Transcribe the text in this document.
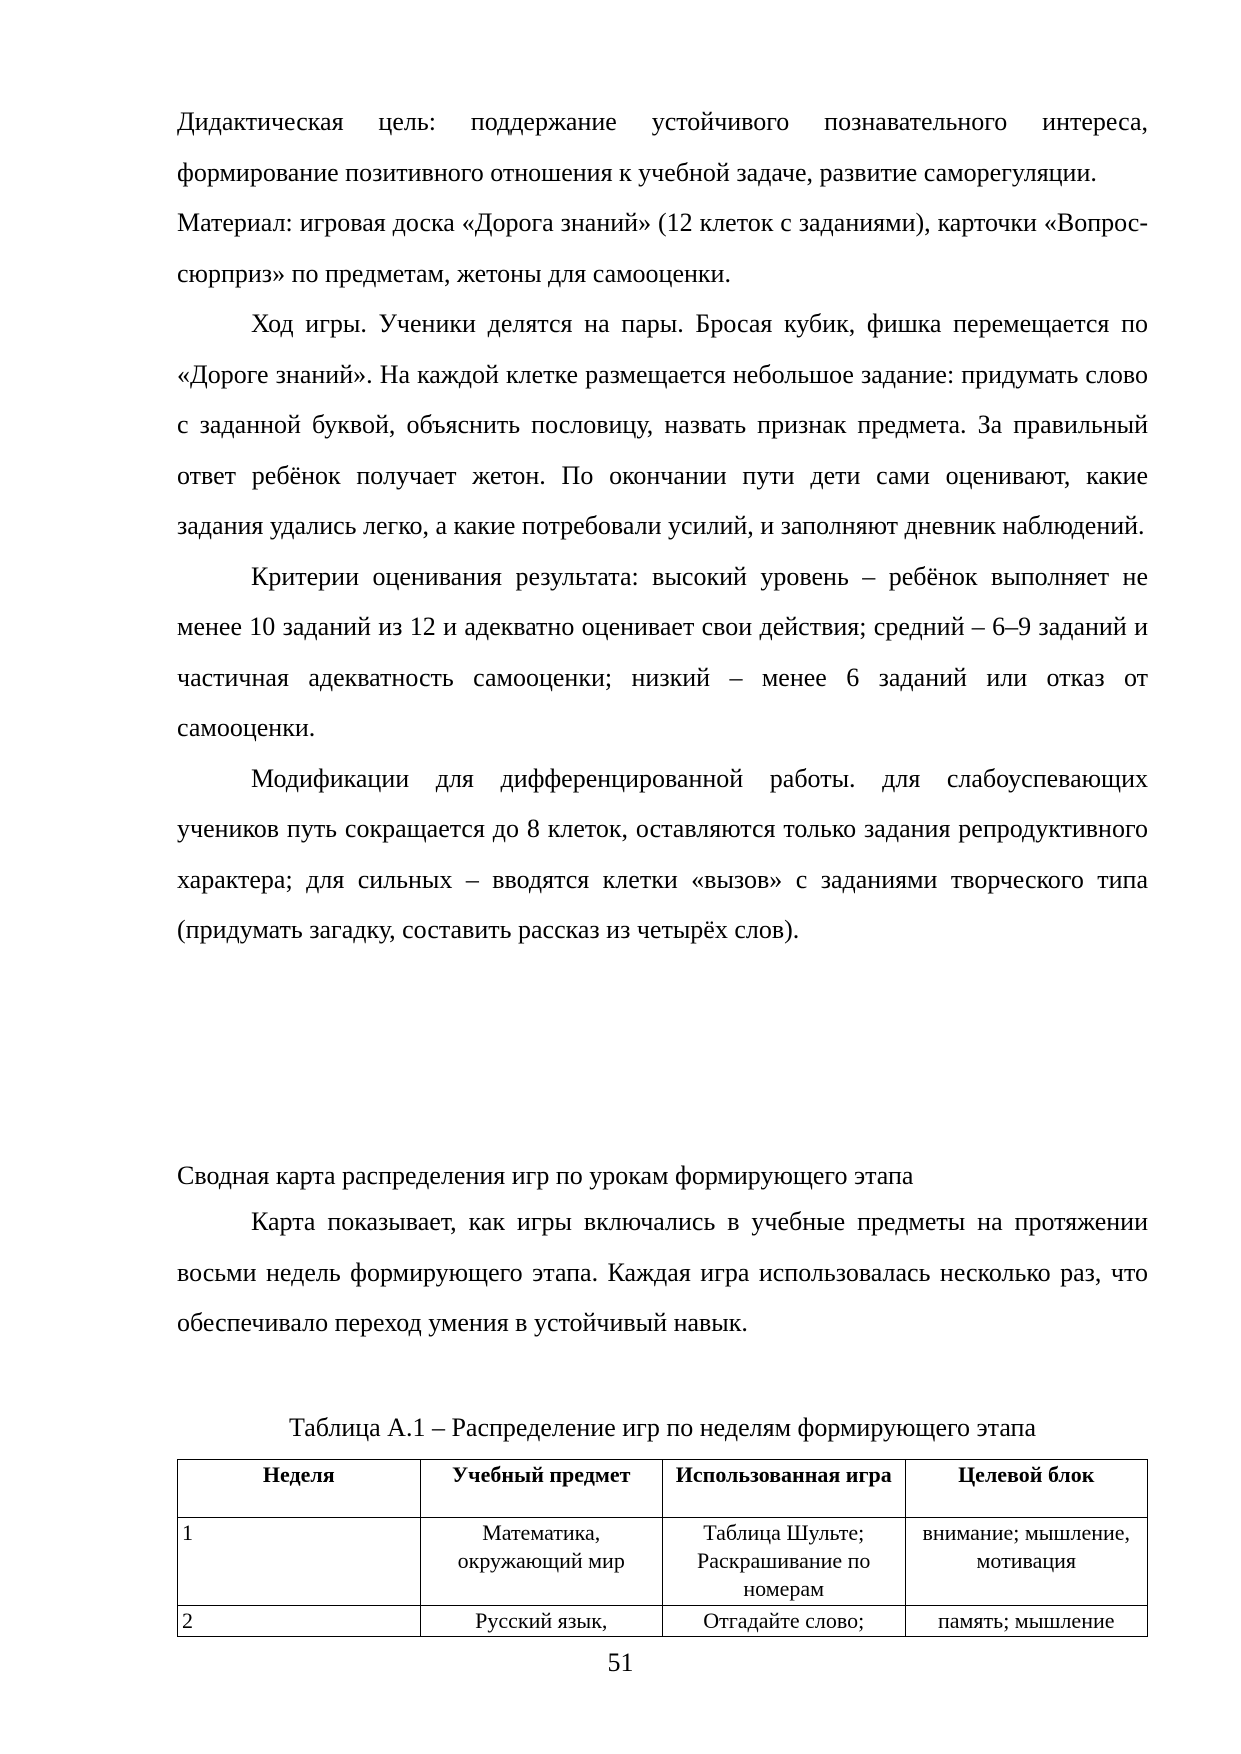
Дидактическая цель: поддержание устойчивого познавательного интереса, формирование позитивного отношения к учебной задаче, развитие саморегуляции.

Материал: игровая доска «Дорога знаний» (12 клеток с заданиями), карточки «Вопрос-сюрприз» по предметам, жетоны для самооценки.

Ход игры. Ученики делятся на пары. Бросая кубик, фишка перемещается по «Дороге знаний». На каждой клетке размещается небольшое задание: придумать слово с заданной буквой, объяснить пословицу, назвать признак предмета. За правильный ответ ребёнок получает жетон. По окончании пути дети сами оценивают, какие задания удались легко, а какие потребовали усилий, и заполняют дневник наблюдений.

Критерии оценивания результата: высокий уровень – ребёнок выполняет не менее 10 заданий из 12 и адекватно оценивает свои действия; средний – 6–9 заданий и частичная адекватность самооценки; низкий – менее 6 заданий или отказ от самооценки.

Модификации для дифференцированной работы. для слабоуспевающих учеников путь сокращается до 8 клеток, оставляются только задания репродуктивного характера; для сильных – вводятся клетки «вызов» с заданиями творческого типа (придумать загадку, составить рассказ из четырёх слов).

Сводная карта распределения игр по урокам формирующего этапа

Карта показывает, как игры включались в учебные предметы на протяжении восьми недель формирующего этапа. Каждая игра использовалась несколько раз, что обеспечивало переход умения в устойчивый навык.

Таблица А.1 – Распределение игр по неделям формирующего этапа
Неделя	Учебный предмет	Использованная игра	Целевой блок
1	Математика, окружающий мир	Таблица Шульте; Раскрашивание по номерам	внимание; мышление, мотивация
2	Русский язык,	Отгадайте слово;	память; мышление
51
